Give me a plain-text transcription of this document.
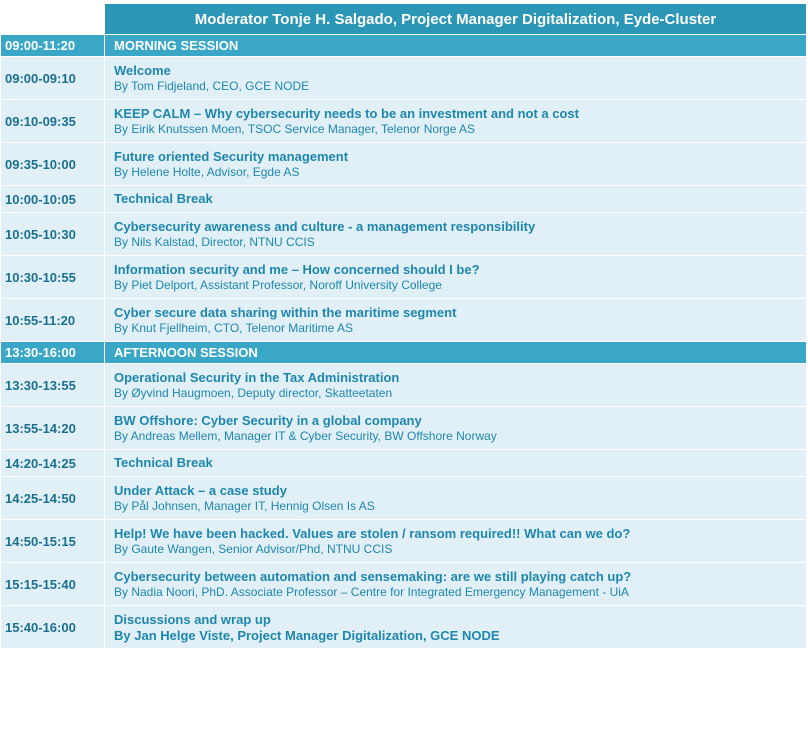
	Moderator Tonje H. Salgado, Project Manager Digitalization, Eyde-Cluster
09:00-11:20	MORNING SESSION
09:00-09:10	Welcome
By Tom Fidjeland, CEO, GCE NODE

09:10-09:35	KEEP CALM – Why cybersecurity needs to be an investment and not a cost
By Eirik Knutssen Moen, TSOC Service Manager, Telenor Norge AS

09:35-10:00	Future oriented Security management
By Helene Holte, Advisor, Egde AS

10:00-10:05	Technical Break

10:05-10:30	Cybersecurity awareness and culture - a management responsibility
By Nils Kalstad, Director, NTNU CCIS

10:30-10:55	Information security and me – How concerned should I be?
By Piet Delport, Assistant Professor, Noroff University College

10:55-11:20	Cyber secure data sharing within the maritime segment
By Knut Fjellheim, CTO, Telenor Maritime AS

13:30-16:00	AFTERNOON SESSION
13:30-13:55	Operational Security in the Tax Administration
By Øyvind Haugmoen, Deputy director, Skatteetaten

13:55-14:20	BW Offshore: Cyber Security in a global company
By Andreas Mellem, Manager IT & Cyber Security, BW Offshore Norway

14:20-14:25	Technical Break

14:25-14:50	Under Attack – a case study
By Pål Johnsen, Manager IT, Hennig Olsen Is AS

14:50-15:15	Help! We have been hacked. Values are stolen / ransom required!! What can we do?
By Gaute Wangen, Senior Advisor/Phd, NTNU CCIS

15:15-15:40	Cybersecurity between automation and sensemaking: are we still playing catch up?
By Nadia Noori, PhD. Associate Professor – Centre for Integrated Emergency Management - UiA

15:40-16:00	Discussions and wrap up
By Jan Helge Viste, Project Manager Digitalization, GCE NODE
